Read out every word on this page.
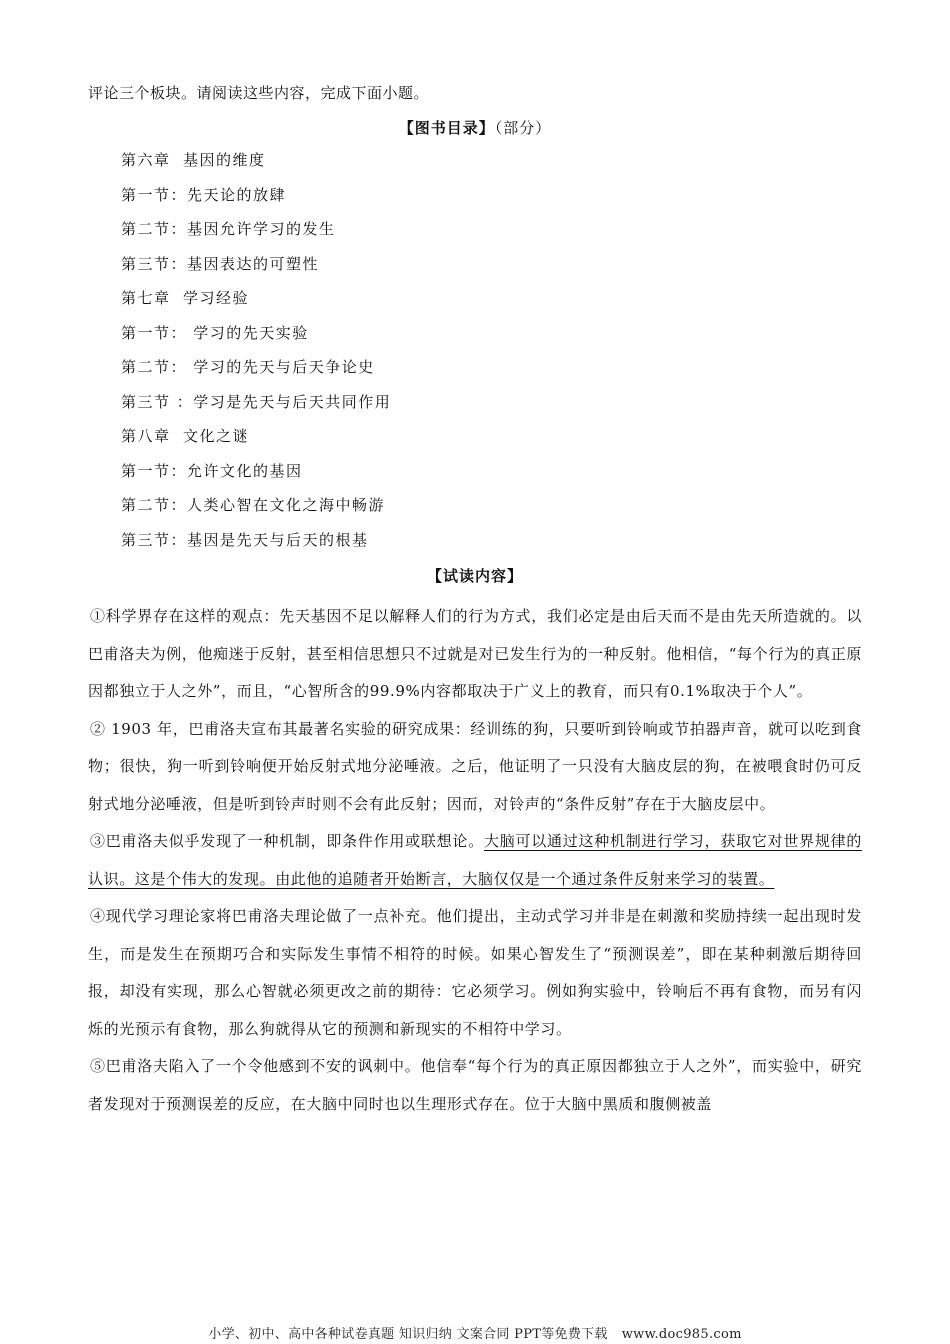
评论三个板块。请阅读这些内容，完成下面小题。
【图书目录】（部分）
第六章  基因的维度
第一节：先天论的放肆
第二节：基因允许学习的发生
第三节：基因表达的可塑性
第七章  学习经验
第一节： 学习的先天实验
第二节： 学习的先天与后天争论史
第三节 ：学习是先天与后天共同作用
第八章  文化之谜
第一节：允许文化的基因
第二节：人类心智在文化之海中畅游
第三节：基因是先天与后天的根基
【试读内容】

①科学界存在这样的观点：先天基因不足以解释人们的行为方式，我们必定是由后天而不是由先天所造就的。以巴甫洛夫为例，他痴迷于反射，甚至相信思想只不过就是对已发生行为的一种反射。他相信，“每个行为的真正原因都独立于人之外”，而且，“心智所含的99.9%内容都取决于广义上的教育，而只有0.1%取决于个人”。

② 1903 年，巴甫洛夫宣布其最著名实验的研究成果：经训练的狗，只要听到铃响或节拍器声音，就可以吃到食物；很快，狗一听到铃响便开始反射式地分泌唾液。之后，他证明了一只没有大脑皮层的狗，在被喂食时仍可反射式地分泌唾液，但是听到铃声时则不会有此反射；因而，对铃声的“条件反射”存在于大脑皮层中。

③巴甫洛夫似乎发现了一种机制，即条件作用或联想论。大脑可以通过这种机制进行学习，获取它对世界规律的认识。这是个伟大的发现。由此他的追随者开始断言，大脑仅仅是一个通过条件反射来学习的装置。

④现代学习理论家将巴甫洛夫理论做了一点补充。他们提出，主动式学习并非是在刺激和奖励持续一起出现时发生，而是发生在预期巧合和实际发生事情不相符的时候。如果心智发生了“预测误差”，即在某种刺激后期待回报，却没有实现，那么心智就必须更改之前的期待：它必须学习。例如狗实验中，铃响后不再有食物，而另有闪烁的光预示有食物，那么狗就得从它的预测和新现实的不相符中学习。

⑤巴甫洛夫陷入了一个令他感到不安的讽刺中。他信奉“每个行为的真正原因都独立于人之外”，而实验中，研究者发现对于预测误差的反应，在大脑中同时也以生理形式存在。位于大脑中黑质和腹侧被盖

小学、初中、高中各种试卷真题 知识归纳 文案合同 PPT等免费下载 www.doc985.com
